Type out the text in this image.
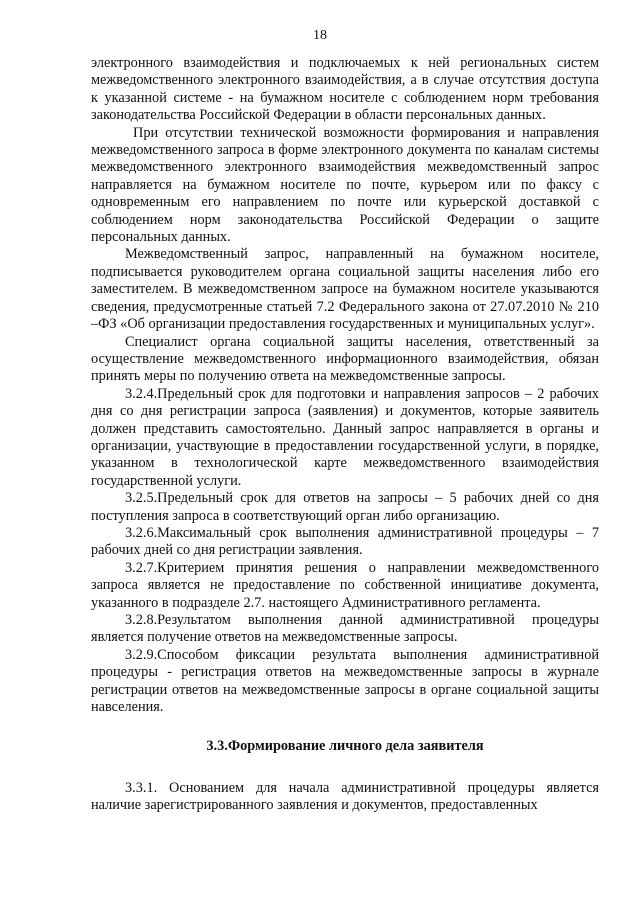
18

электронного взаимодействия и подключаемых к ней региональных систем межведомственного электронного взаимодействия, а в случае отсутствия доступа к указанной системе - на бумажном носителе с соблюдением норм требования законодательства Российской Федерации в области персональных данных.

При отсутствии технической возможности формирования и направления межведомственного запроса в форме электронного документа по каналам системы межведомственного электронного взаимодействия межведомственный запрос направляется на бумажном носителе по почте, курьером или по факсу с одновременным его направлением по почте или курьерской доставкой с соблюдением норм законодательства Российской Федерации о защите персональных данных.

Межведомственный запрос, направленный на бумажном носителе, подписывается руководителем органа социальной защиты населения либо его заместителем. В межведомственном запросе на бумажном носителе указываются сведения, предусмотренные статьей 7.2 Федерального закона от 27.07.2010 № 210 –ФЗ «Об организации предоставления государственных и муниципальных услуг».

Специалист органа социальной защиты населения, ответственный за осуществление межведомственного информационного взаимодействия, обязан принять меры по получению ответа на межведомственные запросы.

3.2.4.Предельный срок для подготовки и направления запросов – 2 рабочих дня со дня регистрации запроса (заявления) и документов, которые заявитель должен представить самостоятельно. Данный запрос направляется в органы и организации, участвующие в предоставлении государственной услуги, в порядке, указанном в технологической карте межведомственного взаимодействия государственной услуги.

3.2.5.Предельный срок для ответов на запросы – 5 рабочих дней со дня поступления запроса в соответствующий орган либо организацию.

3.2.6.Максимальный срок выполнения административной процедуры – 7 рабочих дней со дня регистрации заявления.

3.2.7.Критерием принятия решения о направлении межведомственного запроса является не предоставление по собственной инициативе документа, указанного в подразделе 2.7. настоящего Административного регламента.

3.2.8.Результатом выполнения данной административной процедуры является получение ответов на межведомственные запросы.

3.2.9.Способом фиксации результата выполнения административной процедуры - регистрация ответов на межведомственные запросы в журнале регистрации ответов на межведомственные запросы в органе социальной защиты навселения.

3.3.Формирование личного дела заявителя

3.3.1. Основанием для начала административной процедуры является наличие зарегистрированного заявления и документов, предоставленных
